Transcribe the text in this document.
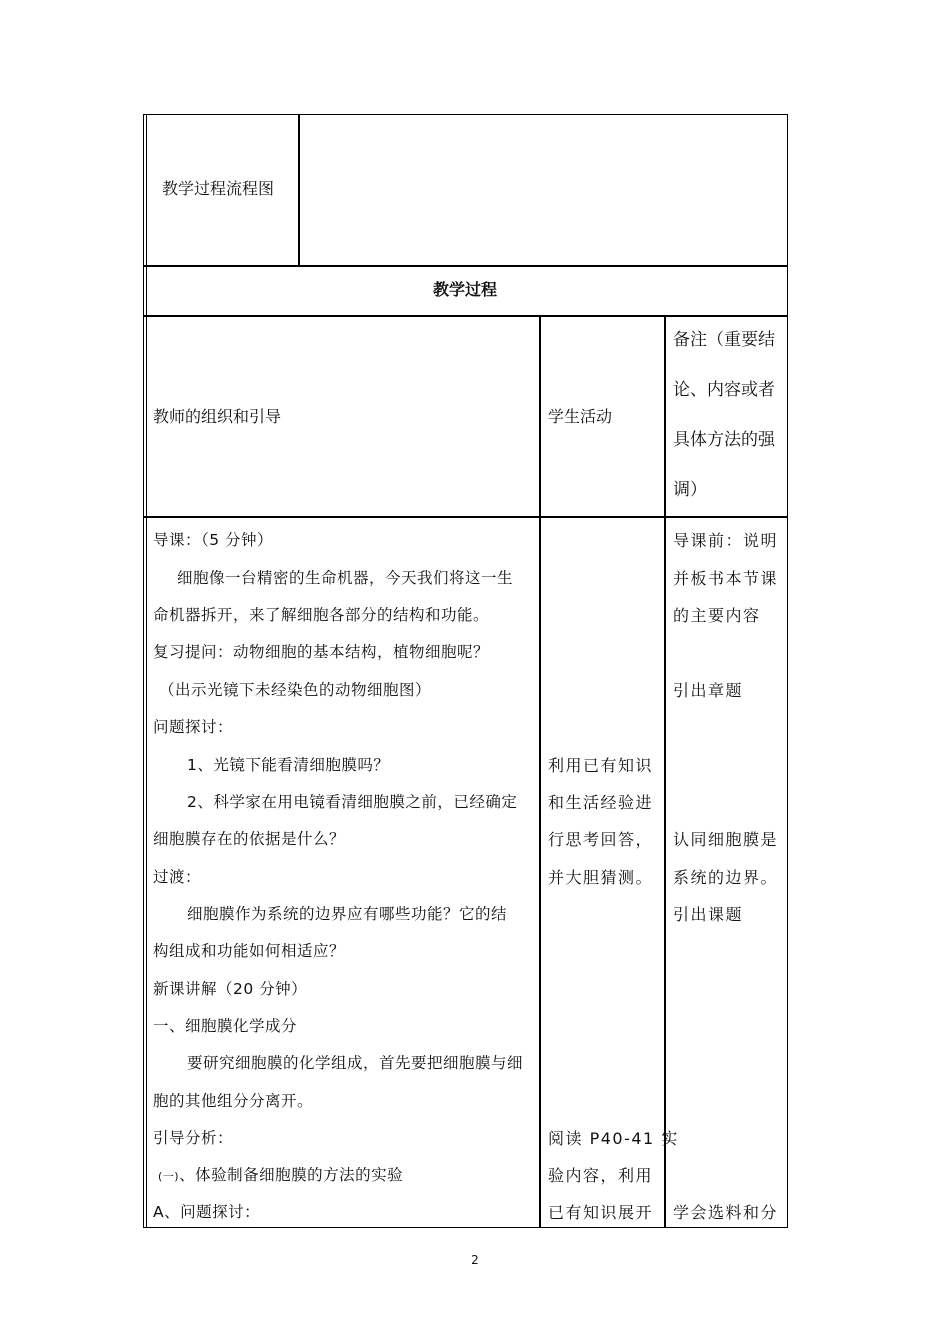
教学过程流程图
教学过程
教师的组织和引导	学生活动
备注（重要结
论、内容或者
具体方法的强
调）
导课：（5 分钟）
细胞像一台精密的生命机器，今天我们将这一生
命机器拆开，来了解细胞各部分的结构和功能。
复习提问：动物细胞的基本结构，植物细胞呢？
（出示光镜下未经染色的动物细胞图）
问题探讨：
1、光镜下能看清细胞膜吗？
2、科学家在用电镜看清细胞膜之前，已经确定
细胞膜存在的依据是什么？
过渡：
细胞膜作为系统的边界应有哪些功能？它的结
构组成和功能如何相适应？
新课讲解（20 分钟）
一、细胞膜化学成分
要研究细胞膜的化学组成，首先要把细胞膜与细
胞的其他组分分离开。
引导分析：
(一)、体验制备细胞膜的方法的实验
A、问题探讨：
利用已有知识
和生活经验进
行思考回答，
并大胆猜测。
阅读 P40-41 实
验内容，利用
已有知识展开
导课前：说明
并板书本节课
的主要内容
引出章题
认同细胞膜是
系统的边界。
引出课题
学会选料和分
2
